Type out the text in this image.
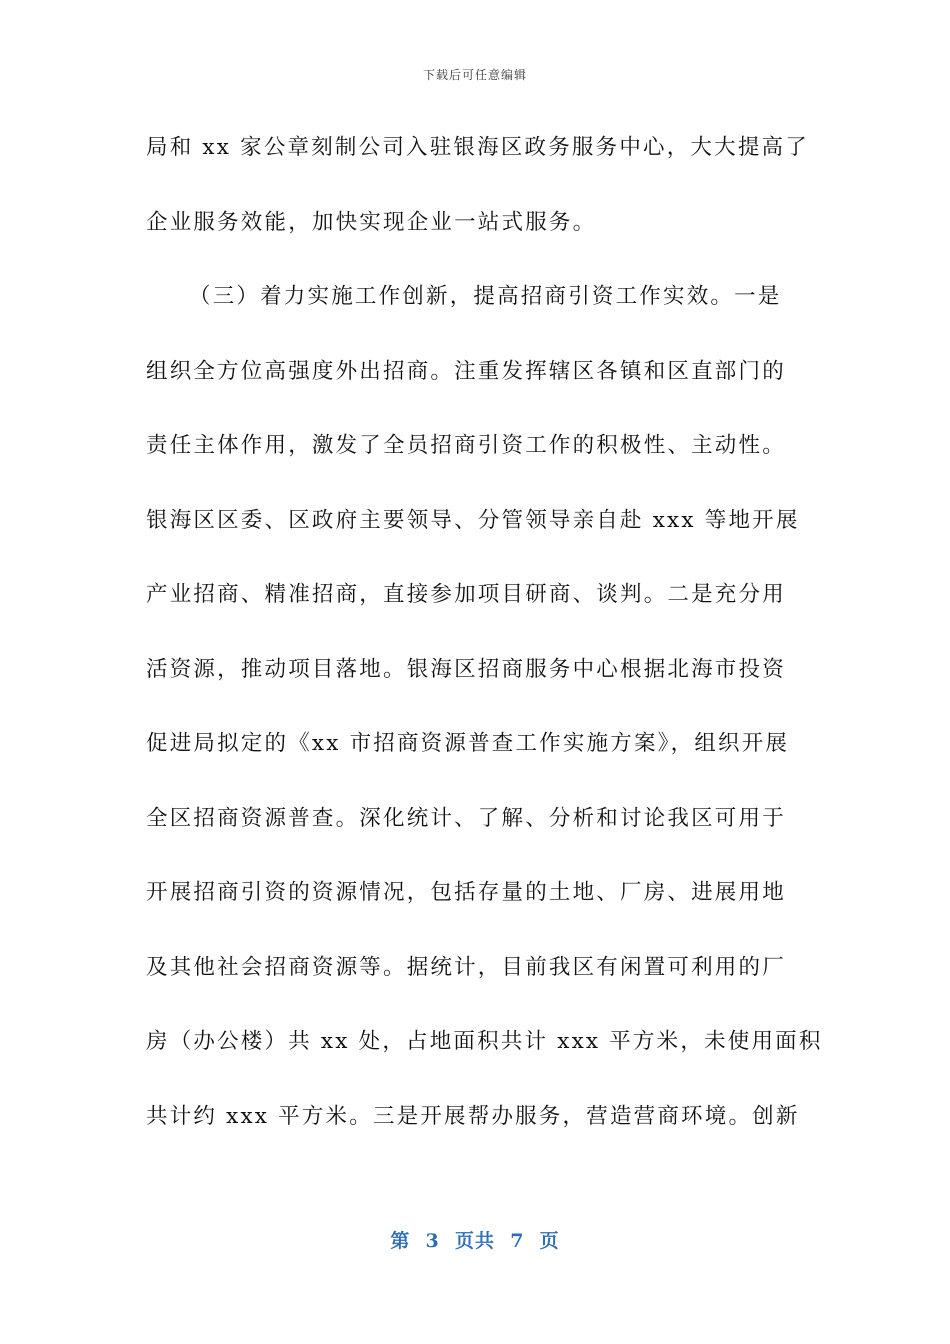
下载后可任意编辑
局和 xx 家公章刻制公司入驻银海区政务服务中心，大大提高了
企业服务效能，加快实现企业一站式服务。
（三）着力实施工作创新，提高招商引资工作实效。一是
组织全方位高强度外出招商。注重发挥辖区各镇和区直部门的
责任主体作用，激发了全员招商引资工作的积极性、主动性。
银海区区委、区政府主要领导、分管领导亲自赴 xxx 等地开展
产业招商、精准招商，直接参加项目研商、谈判。二是充分用
活资源，推动项目落地。银海区招商服务中心根据北海市投资
促进局拟定的《xx 市招商资源普查工作实施方案》，组织开展
全区招商资源普查。深化统计、了解、分析和讨论我区可用于
开展招商引资的资源情况，包括存量的土地、厂房、进展用地
及其他社会招商资源等。据统计，目前我区有闲置可利用的厂
房（办公楼）共 xx 处，占地面积共计 xxx 平方米，未使用面积
共计约 xxx 平方米。三是开展帮办服务，营造营商环境。创新
第  3  页共  7  页
